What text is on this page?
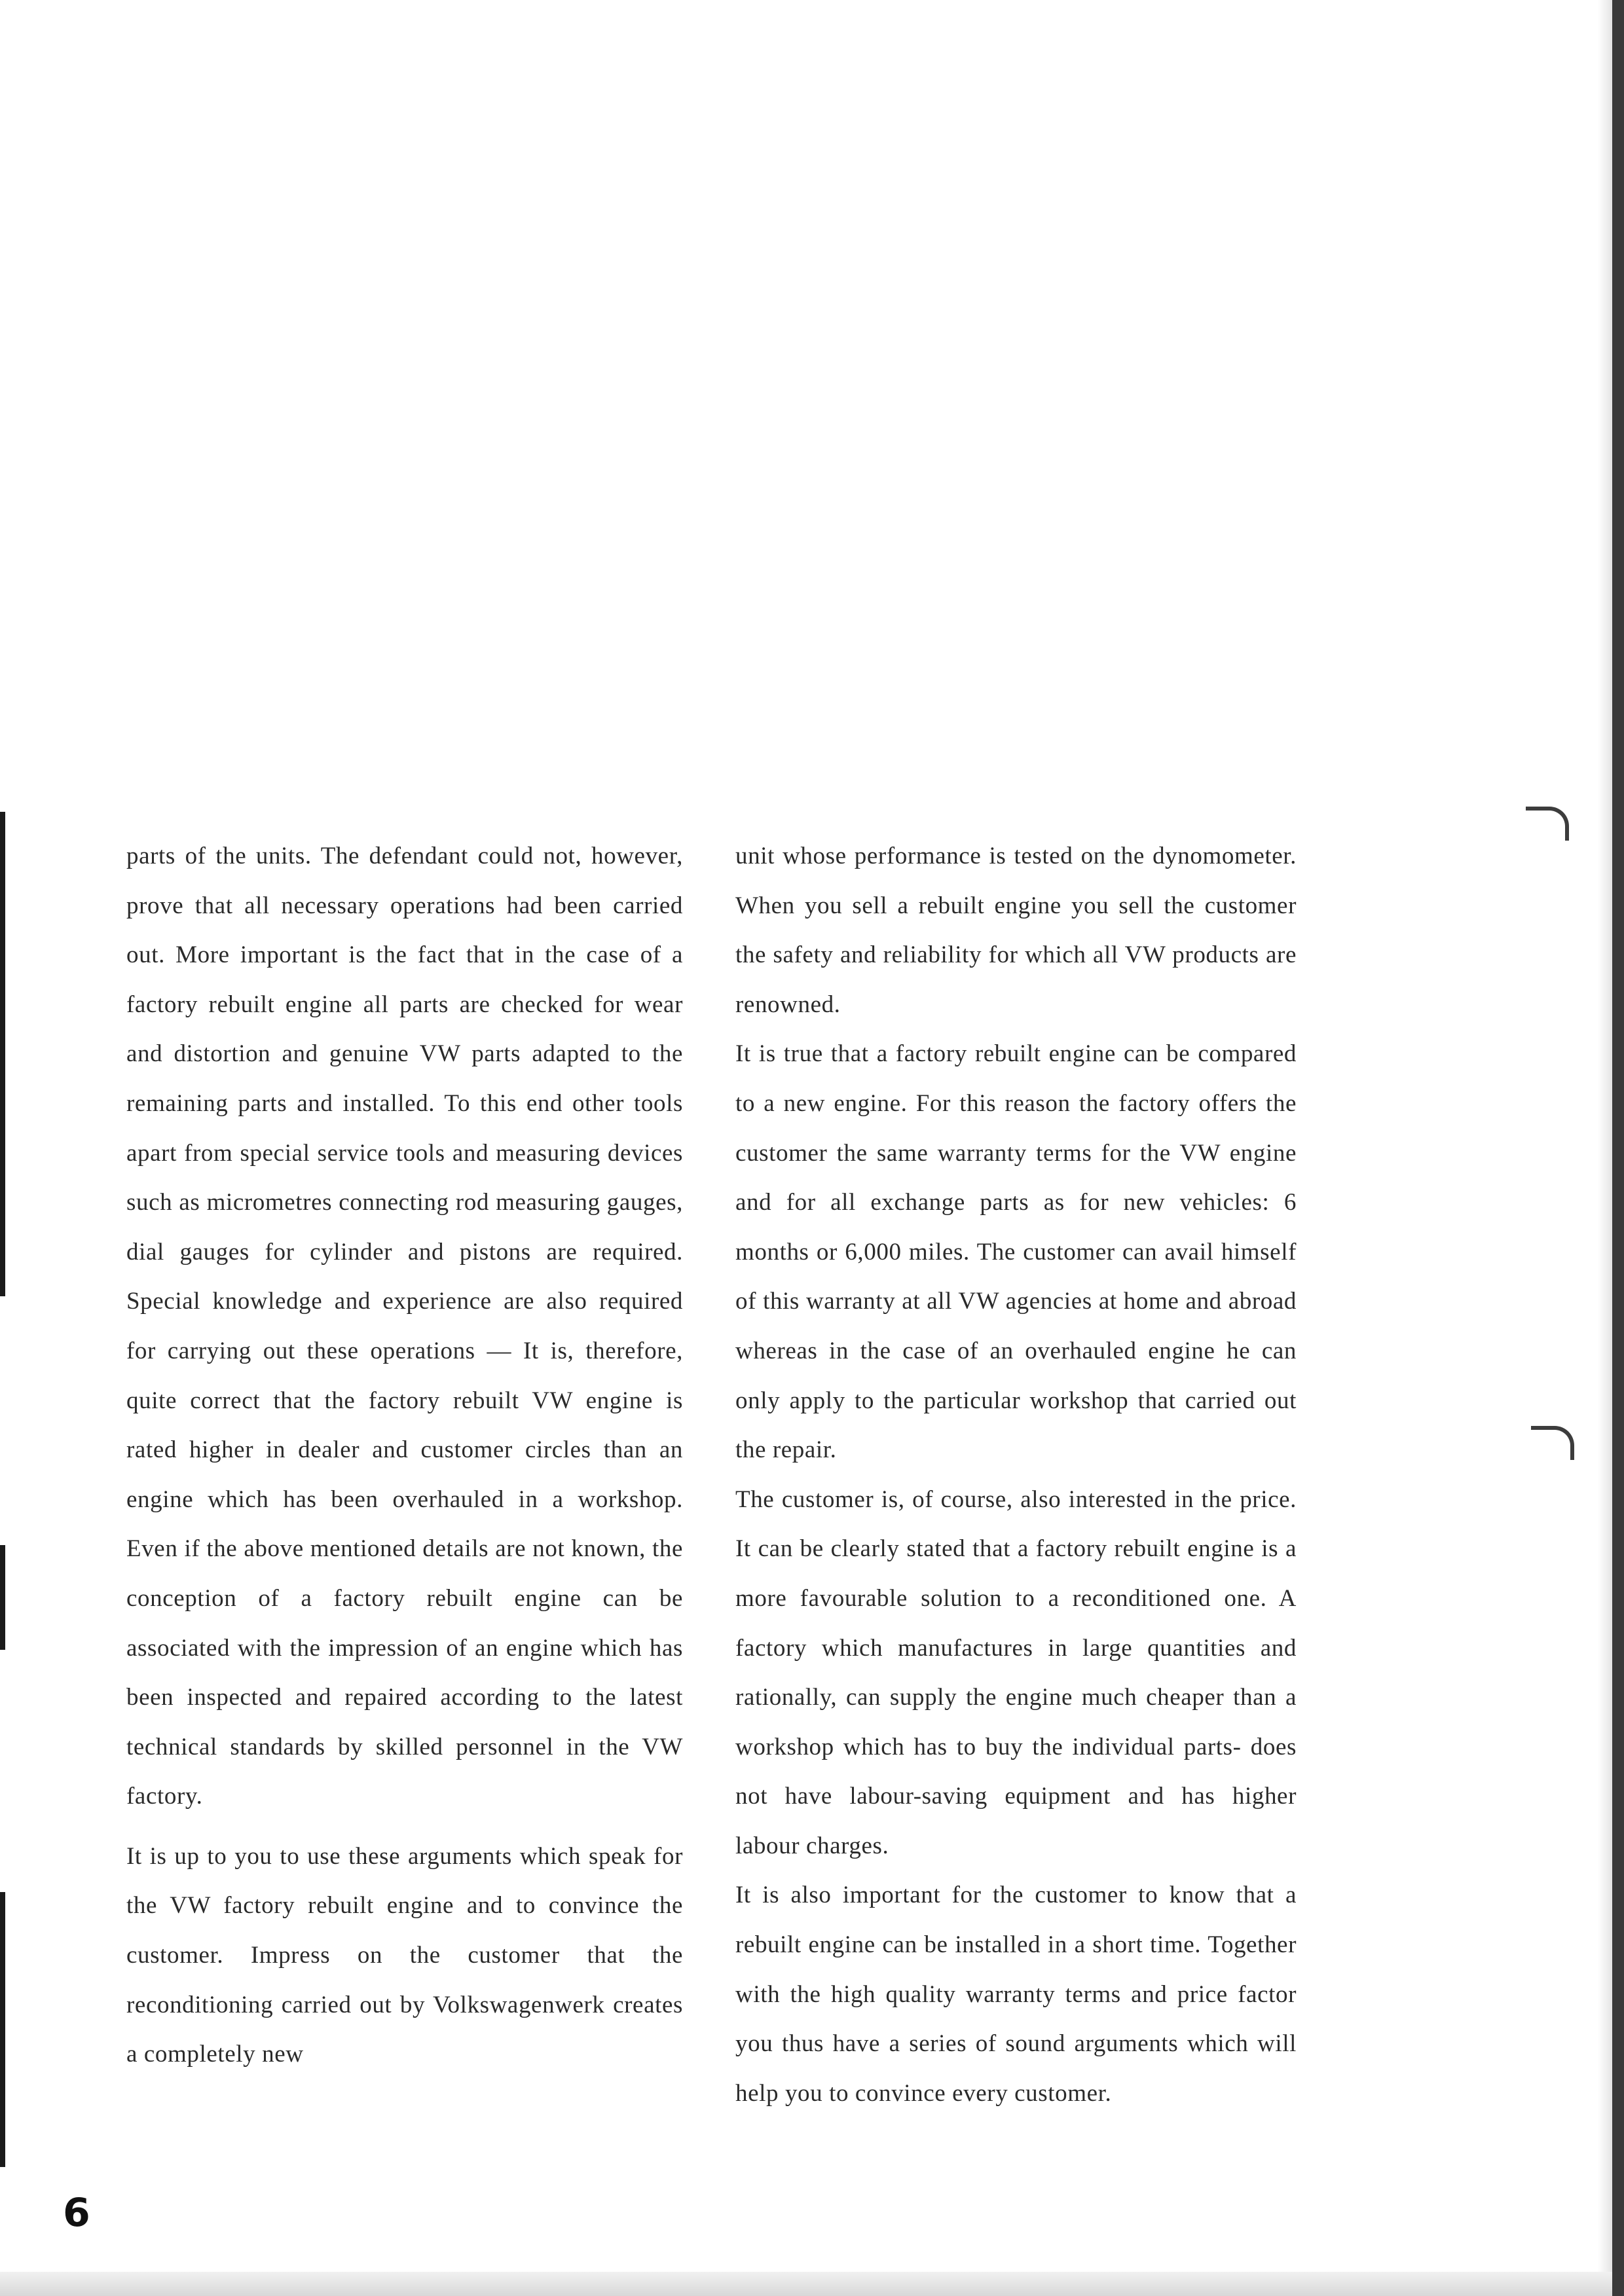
parts of the units. The defendant could not, however, prove that all necessary operations had been carried out. More important is the fact that in the case of a factory rebuilt engine all parts are checked for wear and distortion and genuine VW parts adapted to the remaining parts and installed. To this end other tools apart from special service tools and measuring devices such as micrometres connecting rod measuring gauges, dial gauges for cylinder and pistons are required. Special knowledge and experience are also required for carrying out these operations — It is, therefore, quite correct that the factory rebuilt VW engine is rated higher in dealer and customer circles than an engine which has been overhauled in a workshop. Even if the above mentioned details are not known, the conception of a factory rebuilt engine can be associated with the impression of an engine which has been inspected and repaired according to the latest technical standards by skilled personnel in the VW factory.

It is up to you to use these arguments which speak for the VW factory rebuilt engine and to convince the customer. Impress on the customer that the reconditioning carried out by Volkswagenwerk creates a completely new

unit whose performance is tested on the dynomometer. When you sell a rebuilt engine you sell the customer the safety and reliability for which all VW products are renowned.

It is true that a factory rebuilt engine can be compared to a new engine. For this reason the factory offers the customer the same warranty terms for the VW engine and for all exchange parts as for new vehicles: 6 months or 6,000 miles. The customer can avail himself of this warranty at all VW agencies at home and abroad whereas in the case of an overhauled engine he can only apply to the particular workshop that carried out the repair.

The customer is, of course, also interested in the price. It can be clearly stated that a factory rebuilt engine is a more favourable solution to a reconditioned one. A factory which manufactures in large quantities and rationally, can supply the engine much cheaper than a workshop which has to buy the individual parts- does not have labour-saving equipment and has higher labour charges.

It is also important for the customer to know that a rebuilt engine can be installed in a short time. Together with the high quality warranty terms and price factor you thus have a series of sound arguments which will help you to convince every customer.

6
